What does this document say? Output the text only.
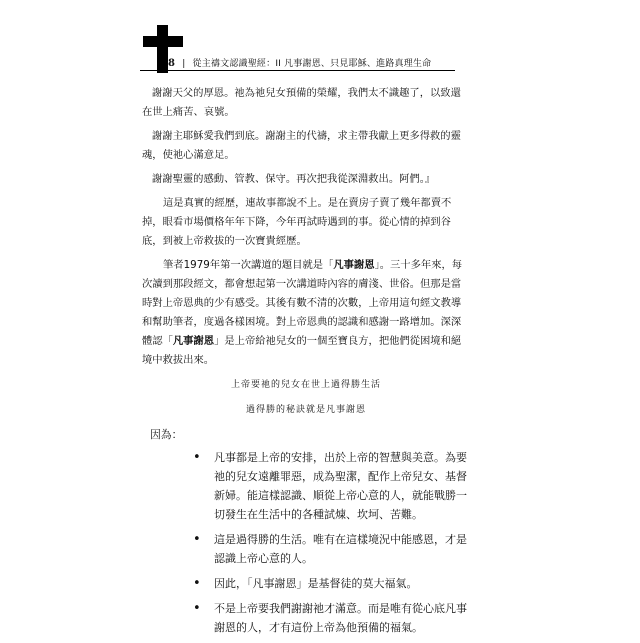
8 | 從主禱文認識聖經：II 凡事謝恩、只見耶穌、進路真理生命

謝謝天父的厚恩。祂為祂兒女預備的榮耀，我們太不識趣了，以致還在世上痛苦、哀號。

謝謝主耶穌愛我們到底。謝謝主的代禱，求主帶我獻上更多得救的靈魂，使祂心滿意足。

謝謝聖靈的感動、管教、保守。再次把我從深淵救出。阿們。』

這是真實的經歷，連故事都說不上。是在賣房子賣了幾年都賣不掉，眼看市場價格年年下降，今年再試時遇到的事。從心情的掉到谷底，到被上帝救拔的一次寶貴經歷。

筆者1979年第一次講道的題目就是「凡事謝恩」。三十多年來，每次讀到那段經文，都會想起第一次講道時內容的膚淺、世俗。但那是當時對上帝恩典的少有感受。其後有數不清的次數，上帝用這句經文教導和幫助筆者，度過各樣困境。對上帝恩典的認識和感謝一路增加。深深體認「凡事謝恩」是上帝給祂兒女的一個至寶良方，把他們從困境和絕境中救拔出來。

上帝要祂的兒女在世上過得勝生活
過得勝的秘訣就是凡事謝恩
因為：
• 凡事都是上帝的安排，出於上帝的智慧與美意。為要祂的兒女遠離罪惡，成為聖潔，配作上帝兒女、基督新婦。能這樣認識、順從上帝心意的人，就能戰勝一切發生在生活中的各種試煉、坎坷、苦難。
• 這是過得勝的生活。唯有在這樣境況中能感恩，才是認識上帝心意的人。
• 因此，「凡事謝恩」是基督徒的莫大福氣。
• 不是上帝要我們謝謝祂才滿意。而是唯有從心底凡事謝恩的人，才有這份上帝為他預備的福氣。
